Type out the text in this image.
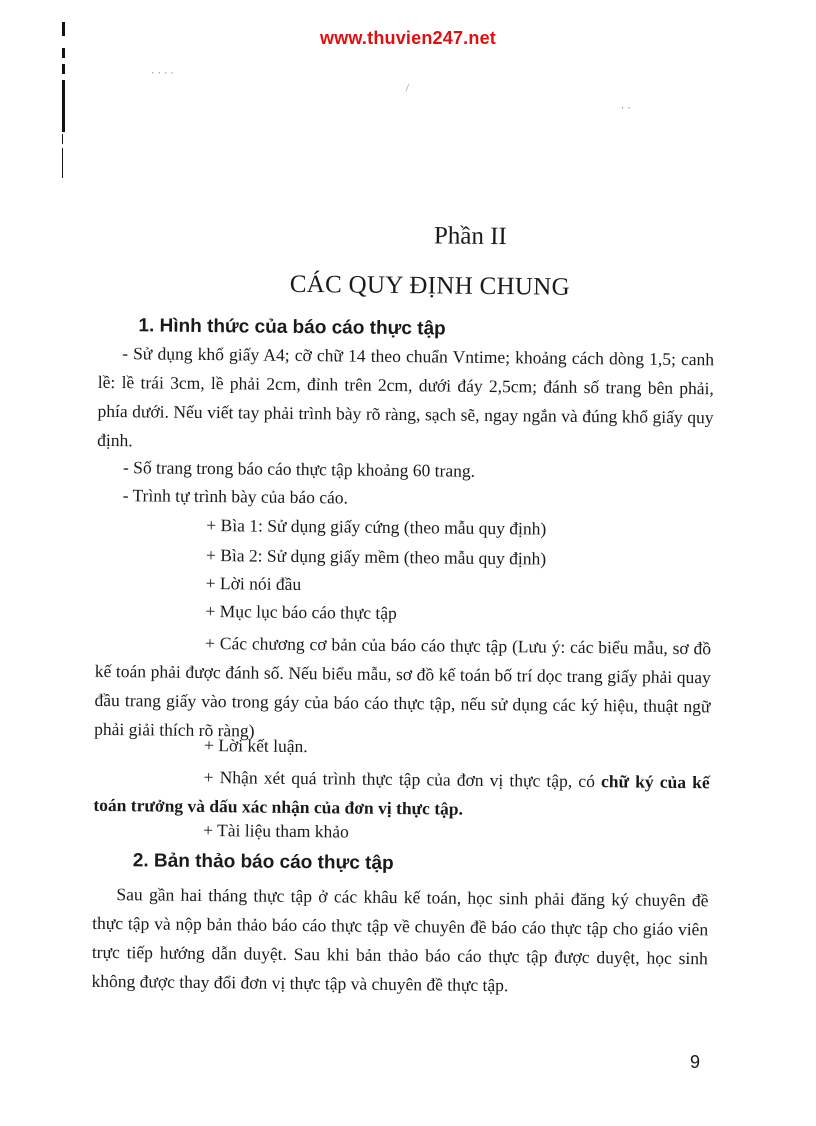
www.thuvien247.net
· · · ·
/
· ·
Phần II
CÁC QUY ĐỊNH CHUNG
1. Hình thức của báo cáo thực tập
- Sử dụng khổ giấy A4; cỡ chữ 14 theo chuẩn Vntime; khoảng cách dòng 1,5; canh lề: lề trái 3cm, lề phải 2cm, đỉnh trên 2cm, dưới đáy 2,5cm; đánh số trang bên phải, phía dưới. Nếu viết tay phải trình bày rõ ràng, sạch sẽ, ngay ngắn và đúng khổ giấy quy định.
- Số trang trong báo cáo thực tập khoảng 60 trang.
- Trình tự trình bày của báo cáo.
+ Bìa 1: Sử dụng giấy cứng (theo mẫu quy định)
+ Bìa 2: Sử dụng giấy mềm (theo mẫu quy định)
+ Lời nói đầu
+ Mục lục báo cáo thực tập
+ Các chương cơ bản của báo cáo thực tập (Lưu ý: các biểu mẫu, sơ đồ kế toán phải được đánh số. Nếu biểu mẫu, sơ đồ kế toán bố trí dọc trang giấy phải quay đầu trang giấy vào trong gáy của báo cáo thực tập, nếu sử dụng các ký hiệu, thuật ngữ phải giải thích rõ ràng)
+ Lời kết luận.
+ Nhận xét quá trình thực tập của đơn vị thực tập, có chữ ký của kế toán trưởng và dấu xác nhận của đơn vị thực tập.
+ Tài liệu tham khảo
2. Bản thảo báo cáo thực tập
Sau gần hai tháng thực tập ở các khâu kế toán, học sinh phải đăng ký chuyên đề thực tập và nộp bản thảo báo cáo thực tập về chuyên đề báo cáo thực tập cho giáo viên trực tiếp hướng dẫn duyệt. Sau khi bản thảo báo cáo thực tập được duyệt, học sinh không được thay đổi đơn vị thực tập và chuyên đề thực tập.
9
